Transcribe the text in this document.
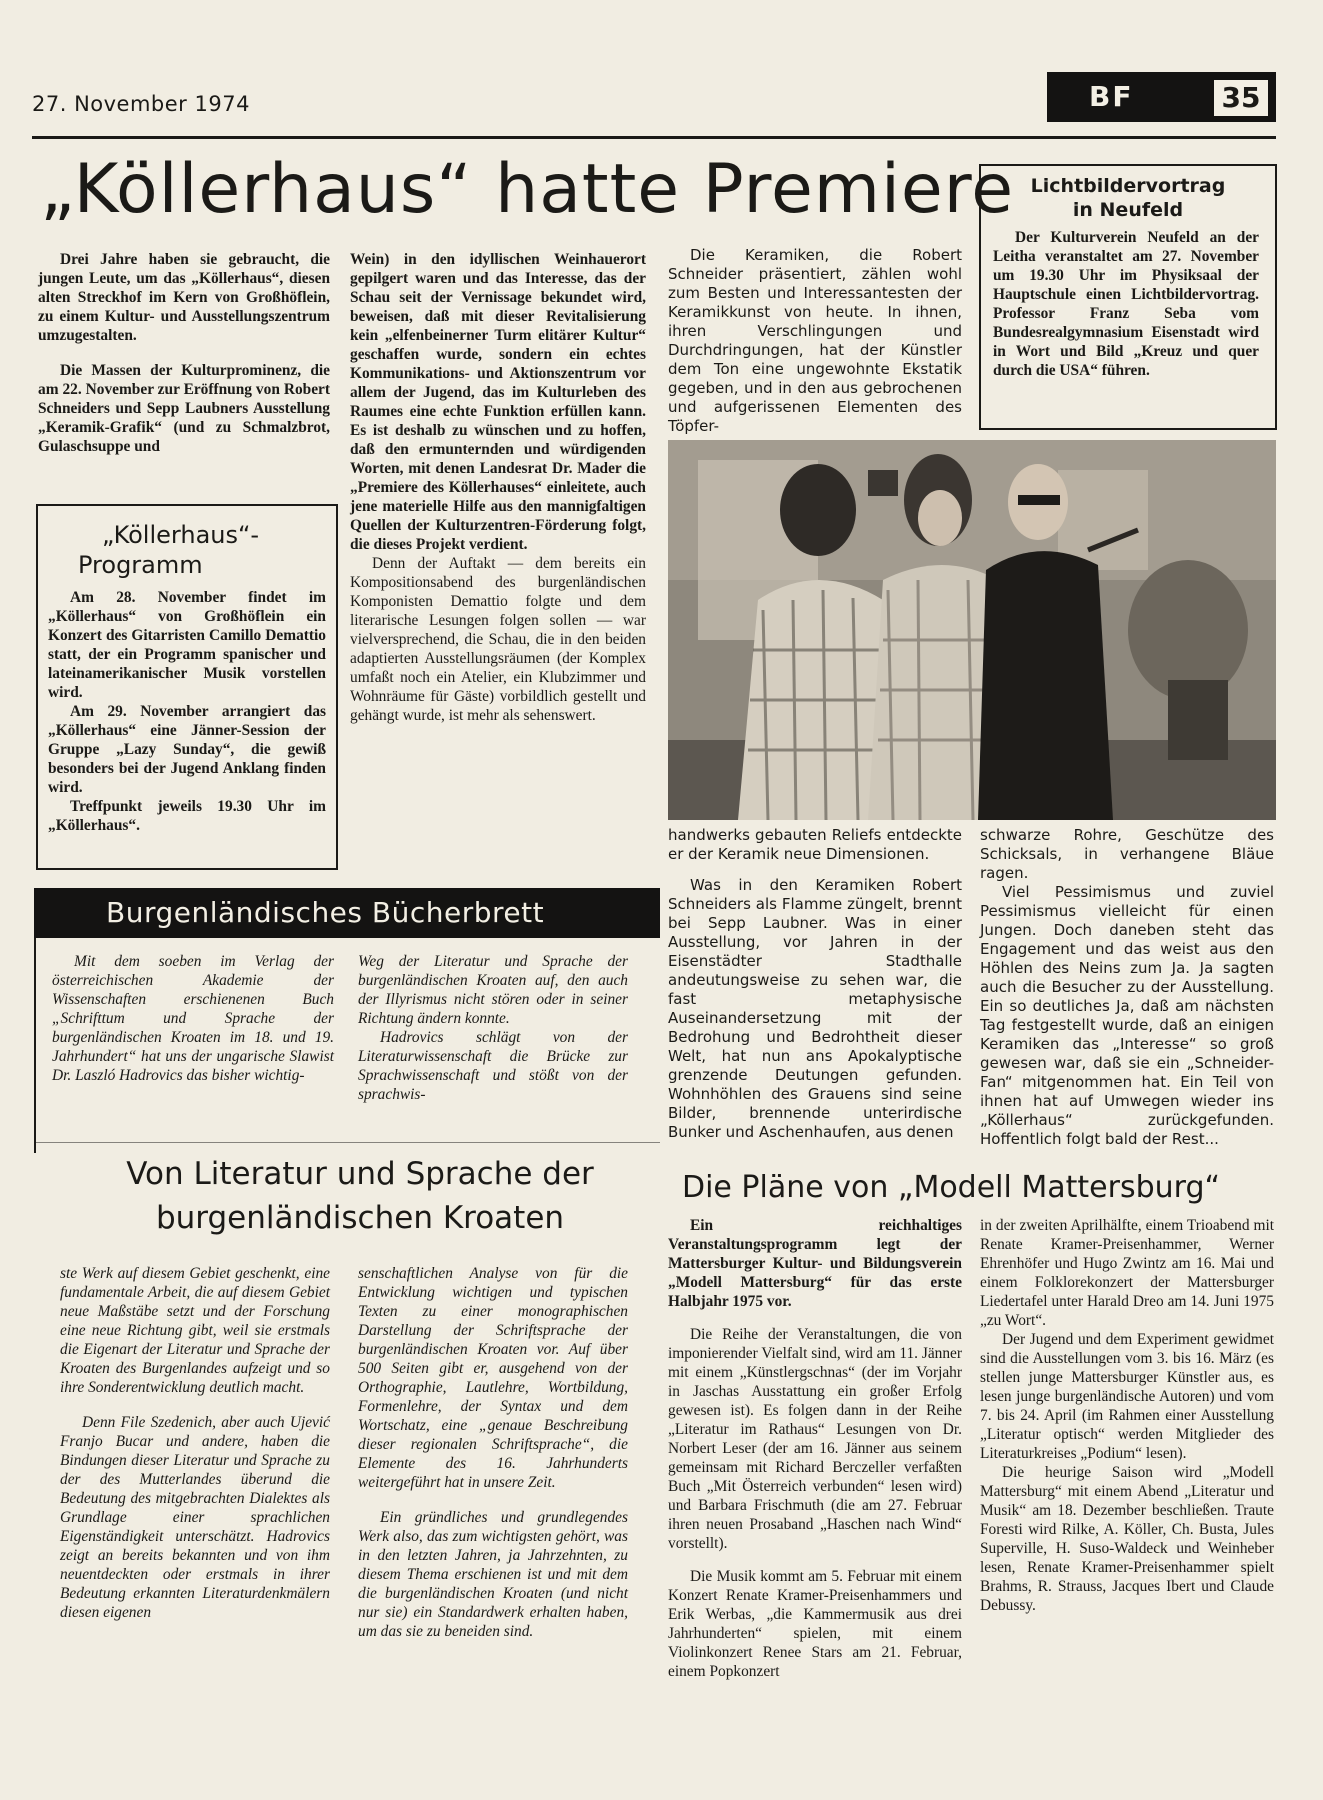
27. November 1974	BF	35
„Köllerhaus“ hatte Premiere

Drei Jahre haben sie gebraucht, die jungen Leute, um das „Köllerhaus“, diesen alten Streckhof im Kern von Großhöflein, zu einem Kultur- und Ausstellungszentrum umzugestalten.

Die Massen der Kulturprominenz, die am 22. November zur Eröffnung von Robert Schneiders und Sepp Laubners Ausstellung „Keramik-Grafik“ (und zu Schmalzbrot, Gulaschsuppe und

„Köllerhaus“-
Programm

Am 28. November findet im „Köllerhaus“ von Großhöflein ein Konzert des Gitarristen Camillo Demattio statt, der ein Programm spanischer und lateinamerikanischer Musik vorstellen wird.

Am 29. November arrangiert das „Köllerhaus“ eine Jänner-Session der Gruppe „Lazy Sunday“, die gewiß besonders bei der Jugend Anklang finden wird.

Treffpunkt jeweils 19.30 Uhr im „Köllerhaus“.

Wein) in den idyllischen Weinhauerort gepilgert waren und das Interesse, das der Schau seit der Vernissage bekundet wird, beweisen, daß mit dieser Revitalisierung kein „elfenbeinerner Turm elitärer Kultur“ geschaffen wurde, sondern ein echtes Kommunikations- und Aktionszentrum vor allem der Jugend, das im Kulturleben des Raumes eine echte Funktion erfüllen kann. Es ist deshalb zu wünschen und zu hoffen, daß den ermunternden und würdigenden Worten, mit denen Landesrat Dr. Mader die „Premiere des Köllerhauses“ einleitete, auch jene materielle Hilfe aus den mannigfaltigen Quellen der Kulturzentren-Förderung folgt, die dieses Projekt verdient.

Denn der Auftakt — dem bereits ein Kompositionsabend des burgenländischen Komponisten Demattio folgte und dem literarische Lesungen folgen sollen — war vielversprechend, die Schau, die in den beiden adaptierten Ausstellungsräumen (der Komplex umfaßt noch ein Atelier, ein Klubzimmer und Wohnräume für Gäste) vorbildlich gestellt und gehängt wurde, ist mehr als sehenswert.

Die Keramiken, die Robert Schneider präsentiert, zählen wohl zum Besten und Interessantesten der Keramikkunst von heute. In ihnen, ihren Verschlingungen und Durchdringungen, hat der Künstler dem Ton eine ungewohnte Ekstatik gegeben, und in den aus gebrochenen und aufgerissenen Elementen des Töpfer-

Lichtbildervortrag
in Neufeld

Der Kulturverein Neufeld an der Leitha veranstaltet am 27. November um 19.30 Uhr im Physiksaal der Hauptschule einen Lichtbildervortrag. Professor Franz Seba vom Bundesrealgymnasium Eisenstadt wird in Wort und Bild „Kreuz und quer durch die USA“ führen.

handwerks gebauten Reliefs entdeckte er der Keramik neue Dimensionen.

Was in den Keramiken Robert Schneiders als Flamme züngelt, brennt bei Sepp Laubner. Was in einer Ausstellung, vor Jahren in der Eisenstädter Stadthalle andeutungsweise zu sehen war, die fast metaphysische Auseinandersetzung mit der Bedrohung und Bedrohtheit dieser Welt, hat nun ans Apokalyptische grenzende Deutungen gefunden. Wohnhöhlen des Grauens sind seine Bilder, brennende unterirdische Bunker und Aschenhaufen, aus denen

schwarze Rohre, Geschütze des Schicksals, in verhangene Bläue ragen.

Viel Pessimismus und zuviel Pessimismus vielleicht für einen Jungen. Doch daneben steht das Engagement und das weist aus den Höhlen des Neins zum Ja. Ja sagten auch die Besucher zu der Ausstellung. Ein so deutliches Ja, daß am nächsten Tag festgestellt wurde, daß an einigen Keramiken das „Interesse“ so groß gewesen war, daß sie ein „Schneider-Fan“ mitgenommen hat. Ein Teil von ihnen hat auf Umwegen wieder ins „Köllerhaus“ zurückgefunden. Hoffentlich folgt bald der Rest...

Burgenländisches Bücherbrett

Mit dem soeben im Verlag der österreichischen Akademie der Wissenschaften erschienenen Buch „Schrifttum und Sprache der burgenländischen Kroaten im 18. und 19. Jahrhundert“ hat uns der ungarische Slawist Dr. Laszló Hadrovics das bisher wichtig-

Weg der Literatur und Sprache der burgenländischen Kroaten auf, den auch der Illyrismus nicht stören oder in seiner Richtung ändern konnte.

Hadrovics schlägt von der Literaturwissenschaft die Brücke zur Sprachwissenschaft und stößt von der sprachwis-

Von Literatur und Sprache der
burgenländischen Kroaten

ste Werk auf diesem Gebiet geschenkt, eine fundamentale Arbeit, die auf diesem Gebiet neue Maßstäbe setzt und der Forschung eine neue Richtung gibt, weil sie erstmals die Eigenart der Literatur und Sprache der Kroaten des Burgenlandes aufzeigt und so ihre Sonderentwicklung deutlich macht.

Denn File Szedenich, aber auch Ujević Franjo Bucar und andere, haben die Bindungen dieser Literatur und Sprache zu der des Mutterlandes überund die Bedeutung des mitgebrachten Dialektes als Grundlage einer sprachlichen Eigenständigkeit unterschätzt. Hadrovics zeigt an bereits bekannten und von ihm neuentdeckten oder erstmals in ihrer Bedeutung erkannten Literaturdenkmälern diesen eigenen

senschaftlichen Analyse von für die Entwicklung wichtigen und typischen Texten zu einer monographischen Darstellung der Schriftsprache der burgenländischen Kroaten vor. Auf über 500 Seiten gibt er, ausgehend von der Orthographie, Lautlehre, Wortbildung, Formenlehre, der Syntax und dem Wortschatz, eine „genaue Beschreibung dieser regionalen Schriftsprache“, die Elemente des 16. Jahrhunderts weitergeführt hat in unsere Zeit.

Ein gründliches und grundlegendes Werk also, das zum wichtigsten gehört, was in den letzten Jahren, ja Jahrzehnten, zu diesem Thema erschienen ist und mit dem die burgenländischen Kroaten (und nicht nur sie) ein Standardwerk erhalten haben, um das sie zu beneiden sind.

Die Pläne von „Modell Mattersburg“

Ein reichhaltiges Veranstaltungsprogramm legt der Mattersburger Kultur- und Bildungsverein „Modell Mattersburg“ für das erste Halbjahr 1975 vor.

Die Reihe der Veranstaltungen, die von imponierender Vielfalt sind, wird am 11. Jänner mit einem „Künstlergschnas“ (der im Vorjahr in Jaschas Ausstattung ein großer Erfolg gewesen ist). Es folgen dann in der Reihe „Literatur im Rathaus“ Lesungen von Dr. Norbert Leser (der am 16. Jänner aus seinem gemeinsam mit Richard Berczeller verfaßten Buch „Mit Österreich verbunden“ lesen wird) und Barbara Frischmuth (die am 27. Februar ihren neuen Prosaband „Haschen nach Wind“ vorstellt).

Die Musik kommt am 5. Februar mit einem Konzert Renate Kramer-Preisenhammers und Erik Werbas, „die Kammermusik aus drei Jahrhunderten“ spielen, mit einem Violinkonzert Renee Stars am 21. Februar, einem Popkonzert

in der zweiten Aprilhälfte, einem Trioabend mit Renate Kramer-Preisenhammer, Werner Ehrenhöfer und Hugo Zwintz am 16. Mai und einem Folklorekonzert der Mattersburger Liedertafel unter Harald Dreo am 14. Juni 1975 „zu Wort“.

Der Jugend und dem Experiment gewidmet sind die Ausstellungen vom 3. bis 16. März (es stellen junge Mattersburger Künstler aus, es lesen junge burgenländische Autoren) und vom 7. bis 24. April (im Rahmen einer Ausstellung „Literatur optisch“ werden Mitglieder des Literaturkreises „Podium“ lesen).

Die heurige Saison wird „Modell Mattersburg“ mit einem Abend „Literatur und Musik“ am 18. Dezember beschließen. Traute Foresti wird Rilke, A. Köller, Ch. Busta, Jules Superville, H. Suso-Waldeck und Weinheber lesen, Renate Kramer-Preisenhammer spielt Brahms, R. Strauss, Jacques Ibert und Claude Debussy.
